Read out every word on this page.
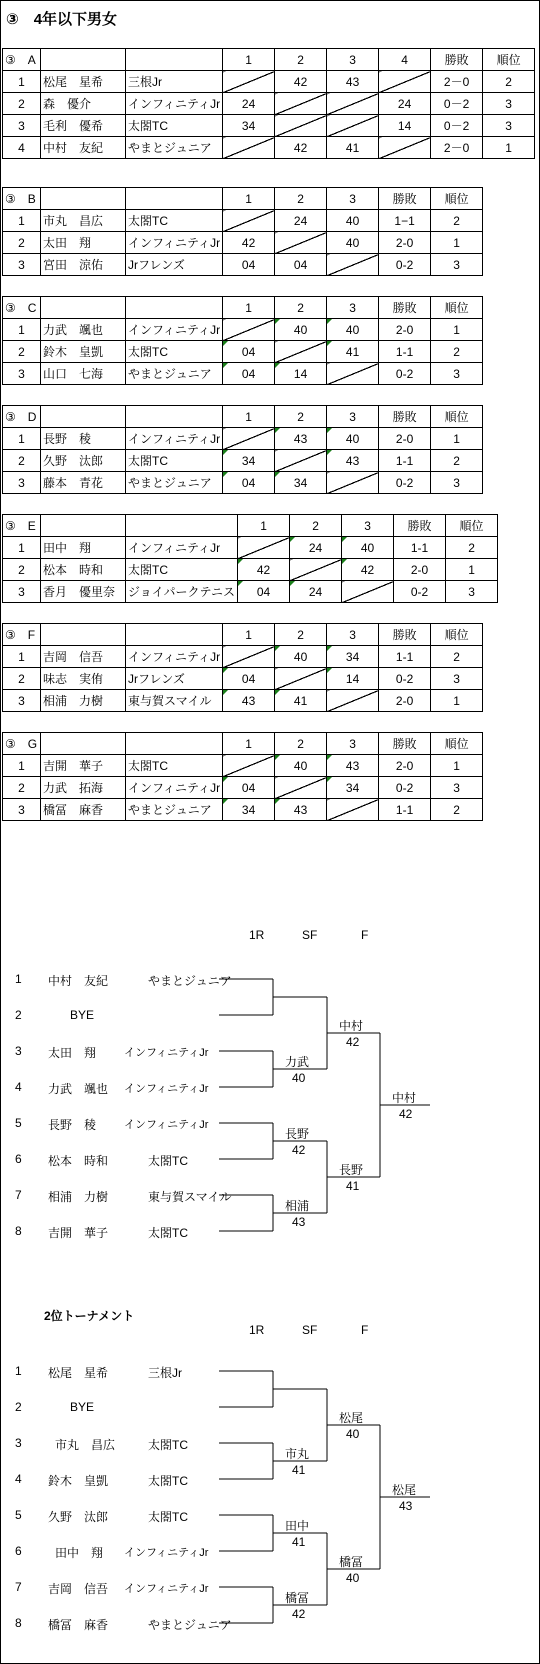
③　4年以下男女
③　A			1	2	3	4	勝敗	順位
1	松尾　星希	三根Jr		42	43		2－0	2
2	森　優介	インフィニティJr	24			24	0－2	3
3	毛利　優希	太閤TC	34			14	0－2	3
4	中村　友紀	やまとジュニア		42	41		2－0	1
③　B			1	2	3	勝敗	順位
1	市丸　昌広	太閤TC		24	40	1−1	2
2	太田　翔	インフィニティJr	42		40	2-0	1
3	宮田　涼佑	Jrフレンズ	04	04		0-2	3
③　C			1	2	3	勝敗	順位
1	力武　颯也	インフィニティJr		40	40	2-0	1
2	鈴木　皇凱	太閤TC	04		41	1-1	2
3	山口　七海	やまとジュニア	04	14		0-2	3
③　D			1	2	3	勝敗	順位
1	長野　稜	インフィニティJr		43	40	2-0	1
2	久野　汰郎	太閤TC	34		43	1-1	2
3	藤本　青花	やまとジュニア	04	34		0-2	3
③　E			1	2	3	勝敗	順位
1	田中　翔	インフィニティJr		24	40	1-1	2
2	松本　時和	太閤TC	42		42	2-0	1
3	香月　優里奈	ジョイパークテニス	04	24		0-2	3
③　F			1	2	3	勝敗	順位
1	吉岡　信吾	インフィニティJr		40	34	1-1	2
2	味志　実侑	Jrフレンズ	04		14	0-2	3
3	相浦　力樹	東与賀スマイル	43	41		2-0	1
③　G			1	2	3	勝敗	順位
1	吉開　華子	太閤TC		40	43	2-0	1
2	力武　拓海	インフィニティJr	04		34	0-2	3
3	橋冨　麻香	やまとジュニア	34	43		1-1	2
1R	SF	F
1 中村　友紀	やまとジュニア
2	BYE
3 太田　翔	インフィニティJr
4 力武　颯也 インフィニティJr
5 長野　稜	インフィニティJr
6 松本　時和	太閤TC
7 相浦　力樹	東与賀スマイル
8 吉開　華子	太閤TC
力武
40
長野
42
相浦
43
中村
42
長野
41
中村
42
2位トーナメント
1R	SF	F
1 松尾　星希	三根Jr
2	BYE
3	市丸　昌広	太閤TC
4 鈴木　皇凱	太閤TC
5 久野　汰郎	太閤TC
6	田中　翔 インフィニティJr
7 吉岡　信吾 インフィニティJr
8 橋冨　麻香	やまとジュニア
市丸
41
田中
41
橋冨
42
松尾
40
橋冨
40
松尾
43
